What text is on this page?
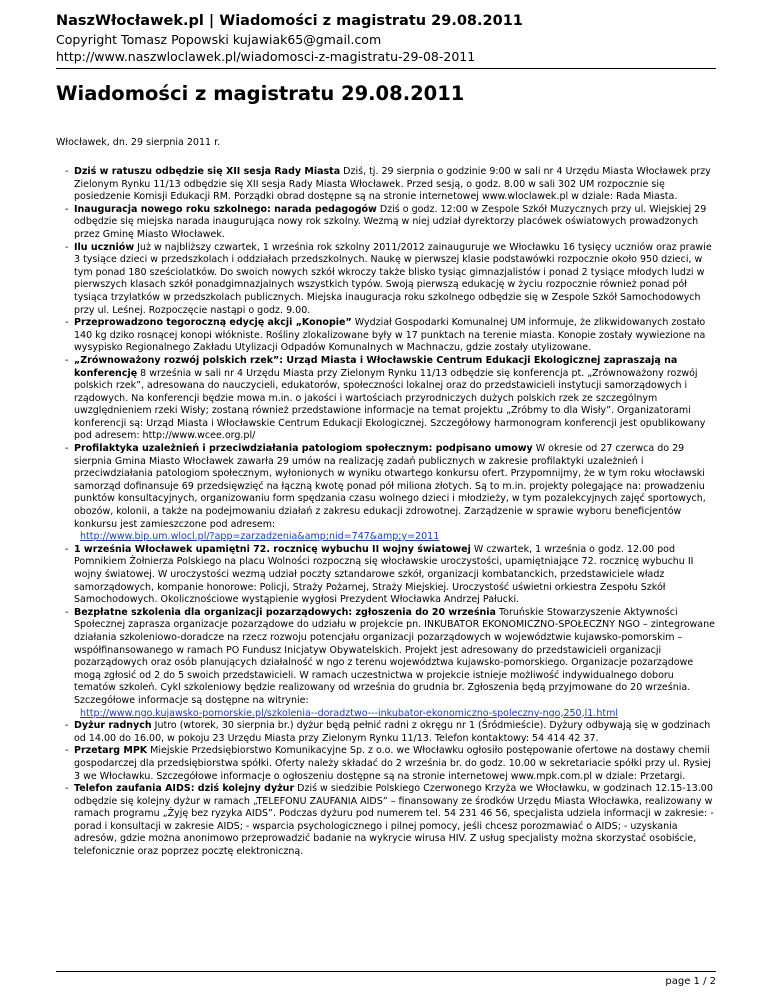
NaszWłocławek.pl | Wiadomości z magistratu 29.08.2011
Copyright Tomasz Popowski kujawiak65@gmail.com
http://www.naszwloclawek.pl/wiadomosci-z-magistratu-29-08-2011
Wiadomości z magistratu 29.08.2011
Włocławek, dn. 29 sierpnia 2011 r.
- Dziś w ratuszu odbędzie się XII sesja Rady Miasta Dziś, tj. 29 sierpnia o godzinie 9:00 w sali nr 4 Urzędu Miasta Włocławek przy Zielonym Rynku 11/13 odbędzie się XII sesja Rady Miasta Włocławek. Przed sesją, o godz. 8.00 w sali 302 UM rozpocznie się posiedzenie Komisji Edukacji RM. Porządki obrad dostępne są na stronie internetowej www.wloclawek.pl w dziale: Rada Miasta.
- Inauguracja nowego roku szkolnego: narada pedagogów Dziś o godz. 12:00 w Zespole Szkół Muzycznych przy ul. Wiejskiej 29 odbędzie się miejska narada inaugurująca nowy rok szkolny. Wezmą w niej udział dyrektorzy placówek oświatowych prowadzonych przez Gminę Miasto Włocławek.
- Ilu uczniów Już w najbliższy czwartek, 1 września rok szkolny 2011/2012 zainauguruje we Włocławku 16 tysięcy uczniów oraz prawie 3 tysiące dzieci w przedszkolach i oddziałach przedszkolnych. Naukę w pierwszej klasie podstawówki rozpocznie około 950 dzieci, w tym ponad 180 sześciolatków. Do swoich nowych szkół wkroczy także blisko tysiąc gimnazjalistów i ponad 2 tysiące młodych ludzi w pierwszych klasach szkół ponadgimnazjalnych wszystkich typów. Swoją pierwszą edukację w życiu rozpocznie również ponad pół tysiąca trzylatków w przedszkolach publicznych. Miejska inauguracja roku szkolnego odbędzie się w Zespole Szkół Samochodowych przy ul. Leśnej. Rozpoczęcie nastąpi o godz. 9.00.
- Przeprowadzono tegoroczną edycję akcji „Konopie” Wydział Gospodarki Komunalnej UM informuje, że zlikwidowanych zostało 140 kg dziko rosnącej konopi włókniste. Rośliny zlokalizowane były w 17 punktach na terenie miasta. Konopie zostały wywiezione na wysypisko Regionalnego Zakładu Utylizacji Odpadów Komunalnych w Machnaczu, gdzie zostały utylizowane.
- „Zrównoważony rozwój polskich rzek”: Urząd Miasta i Włocławskie Centrum Edukacji Ekologicznej zapraszają na konferencję 8 września w sali nr 4 Urzędu Miasta przy Zielonym Rynku 11/13 odbędzie się konferencja pt. „Zrównoważony rozwój polskich rzek”, adresowana do nauczycieli, edukatorów, społeczności lokalnej oraz do przedstawicieli instytucji samorządowych i rządowych. Na konferencji będzie mowa m.in. o jakości i wartościach przyrodniczych dużych polskich rzek ze szczególnym uwzględnieniem rzeki Wisły; zostaną również przedstawione informacje na temat projektu „Zróbmy to dla Wisły”. Organizatorami konferencji są: Urząd Miasta i Włocławskie Centrum Edukacji Ekologicznej. Szczegółowy harmonogram konferencji jest opublikowany pod adresem: http://www.wcee.org.pl/
- Profilaktyka uzależnień i przeciwdziałania patologiom społecznym: podpisano umowy W okresie od 27 czerwca do 29 sierpnia Gmina Miasto Włocławek zawarła 29 umów na realizację zadań publicznych w zakresie profilaktyki uzależnień i przeciwdziałania patologiom społecznym, wyłonionych w wyniku otwartego konkursu ofert. Przypomnijmy, że w tym roku włocławski samorząd dofinansuje 69 przedsięwzięć na łączną kwotę ponad pół miliona złotych. Są to m.in. projekty polegające na: prowadzeniu punktów konsultacyjnych, organizowaniu form spędzania czasu wolnego dzieci i młodzieży, w tym pozalekcyjnych zajęć sportowych, obozów, kolonii, a także na podejmowaniu działań z zakresu edukacji zdrowotnej. Zarządzenie w sprawie wyboru beneficjentów konkursu jest zamieszczone pod adresem:
http://www.bip.um.wlocl.pl/?app=zarzadzenia&amp;nid=747&amp;y=2011
- 1 września Włocławek upamiętni 72. rocznicę wybuchu II wojny światowej W czwartek, 1 września o godz. 12.00 pod Pomnikiem Żołnierza Polskiego na placu Wolności rozpoczną się włocławskie uroczystości, upamiętniające 72. rocznicę wybuchu II wojny światowej. W uroczystości wezmą udział poczty sztandarowe szkół, organizacji kombatanckich, przedstawiciele władz samorządowych, kompanie honorowe: Policji, Straży Pożarnej, Straży Miejskiej. Uroczystość uświetni orkiestra Zespołu Szkół Samochodowych. Okolicznościowe wystąpienie wygłosi Prezydent Włocławka Andrzej Pałucki.
- Bezpłatne szkolenia dla organizacji pozarządowych: zgłoszenia do 20 września Toruńskie Stowarzyszenie Aktywności Społecznej zaprasza organizacje pozarządowe do udziału w projekcie pn. INKUBATOR EKONOMICZNO-SPOŁECZNY NGO – zintegrowane działania szkoleniowo-doradcze na rzecz rozwoju potencjału organizacji pozarządowych w województwie kujawsko-pomorskim – współfinansowanego w ramach PO Fundusz Inicjatyw Obywatelskich. Projekt jest adresowany do przedstawicieli organizacji pozarządowych oraz osób planujących działalność w ngo z terenu województwa kujawsko-pomorskiego. Organizacje pozarządowe mogą zgłosić od 2 do 5 swoich przedstawicieli. W ramach uczestnictwa w projekcie istnieje możliwość indywidualnego doboru tematów szkoleń. Cykl szkoleniowy będzie realizowany od września do grudnia br. Zgłoszenia będą przyjmowane do 20 września. Szczegółowe informacje są dostępne na witrynie:
http://www.ngo.kujawsko-pomorskie.pl/szkolenia--doradztwo---inkubator-ekonomiczno-spoleczny-ngo,250,l1.html
- Dyżur radnych Jutro (wtorek, 30 sierpnia br.) dyżur będą pełnić radni z okręgu nr 1 (Śródmieście). Dyżury odbywają się w godzinach od 14.00 do 16.00, w pokoju 23 Urzędu Miasta przy Zielonym Rynku 11/13. Telefon kontaktowy: 54 414 42 37.
- Przetarg MPK Miejskie Przedsiębiorstwo Komunikacyjne Sp. z o.o. we Włocławku ogłosiło postępowanie ofertowe na dostawy chemii gospodarczej dla przedsiębiorstwa spółki. Oferty należy składać do 2 września br. do godz. 10.00 w sekretariacie spółki przy ul. Rysiej 3 we Włocławku. Szczegółowe informacje o ogłoszeniu dostępne są na stronie internetowej www.mpk.com.pl w dziale: Przetargi.
- Telefon zaufania AIDS: dziś kolejny dyżur Dziś w siedzibie Polskiego Czerwonego Krzyża we Włocławku, w godzinach 12.15-13.00 odbędzie się kolejny dyżur w ramach „TELEFONU ZAUFANIA AIDS” – finansowany ze środków Urzędu Miasta Włocławka, realizowany w ramach programu „Żyję bez ryzyka AIDS”. Podczas dyżuru pod numerem tel. 54 231 46 56, specjalista udziela informacji w zakresie: - porad i konsultacji w zakresie AIDS; - wsparcia psychologicznego i pilnej pomocy, jeśli chcesz porozmawiać o AIDS; - uzyskania adresów, gdzie można anonimowo przeprowadzić badanie na wykrycie wirusa HIV. Z usług specjalisty można skorzystać osobiście, telefonicznie oraz poprzez pocztę elektroniczną.
page 1 / 2
